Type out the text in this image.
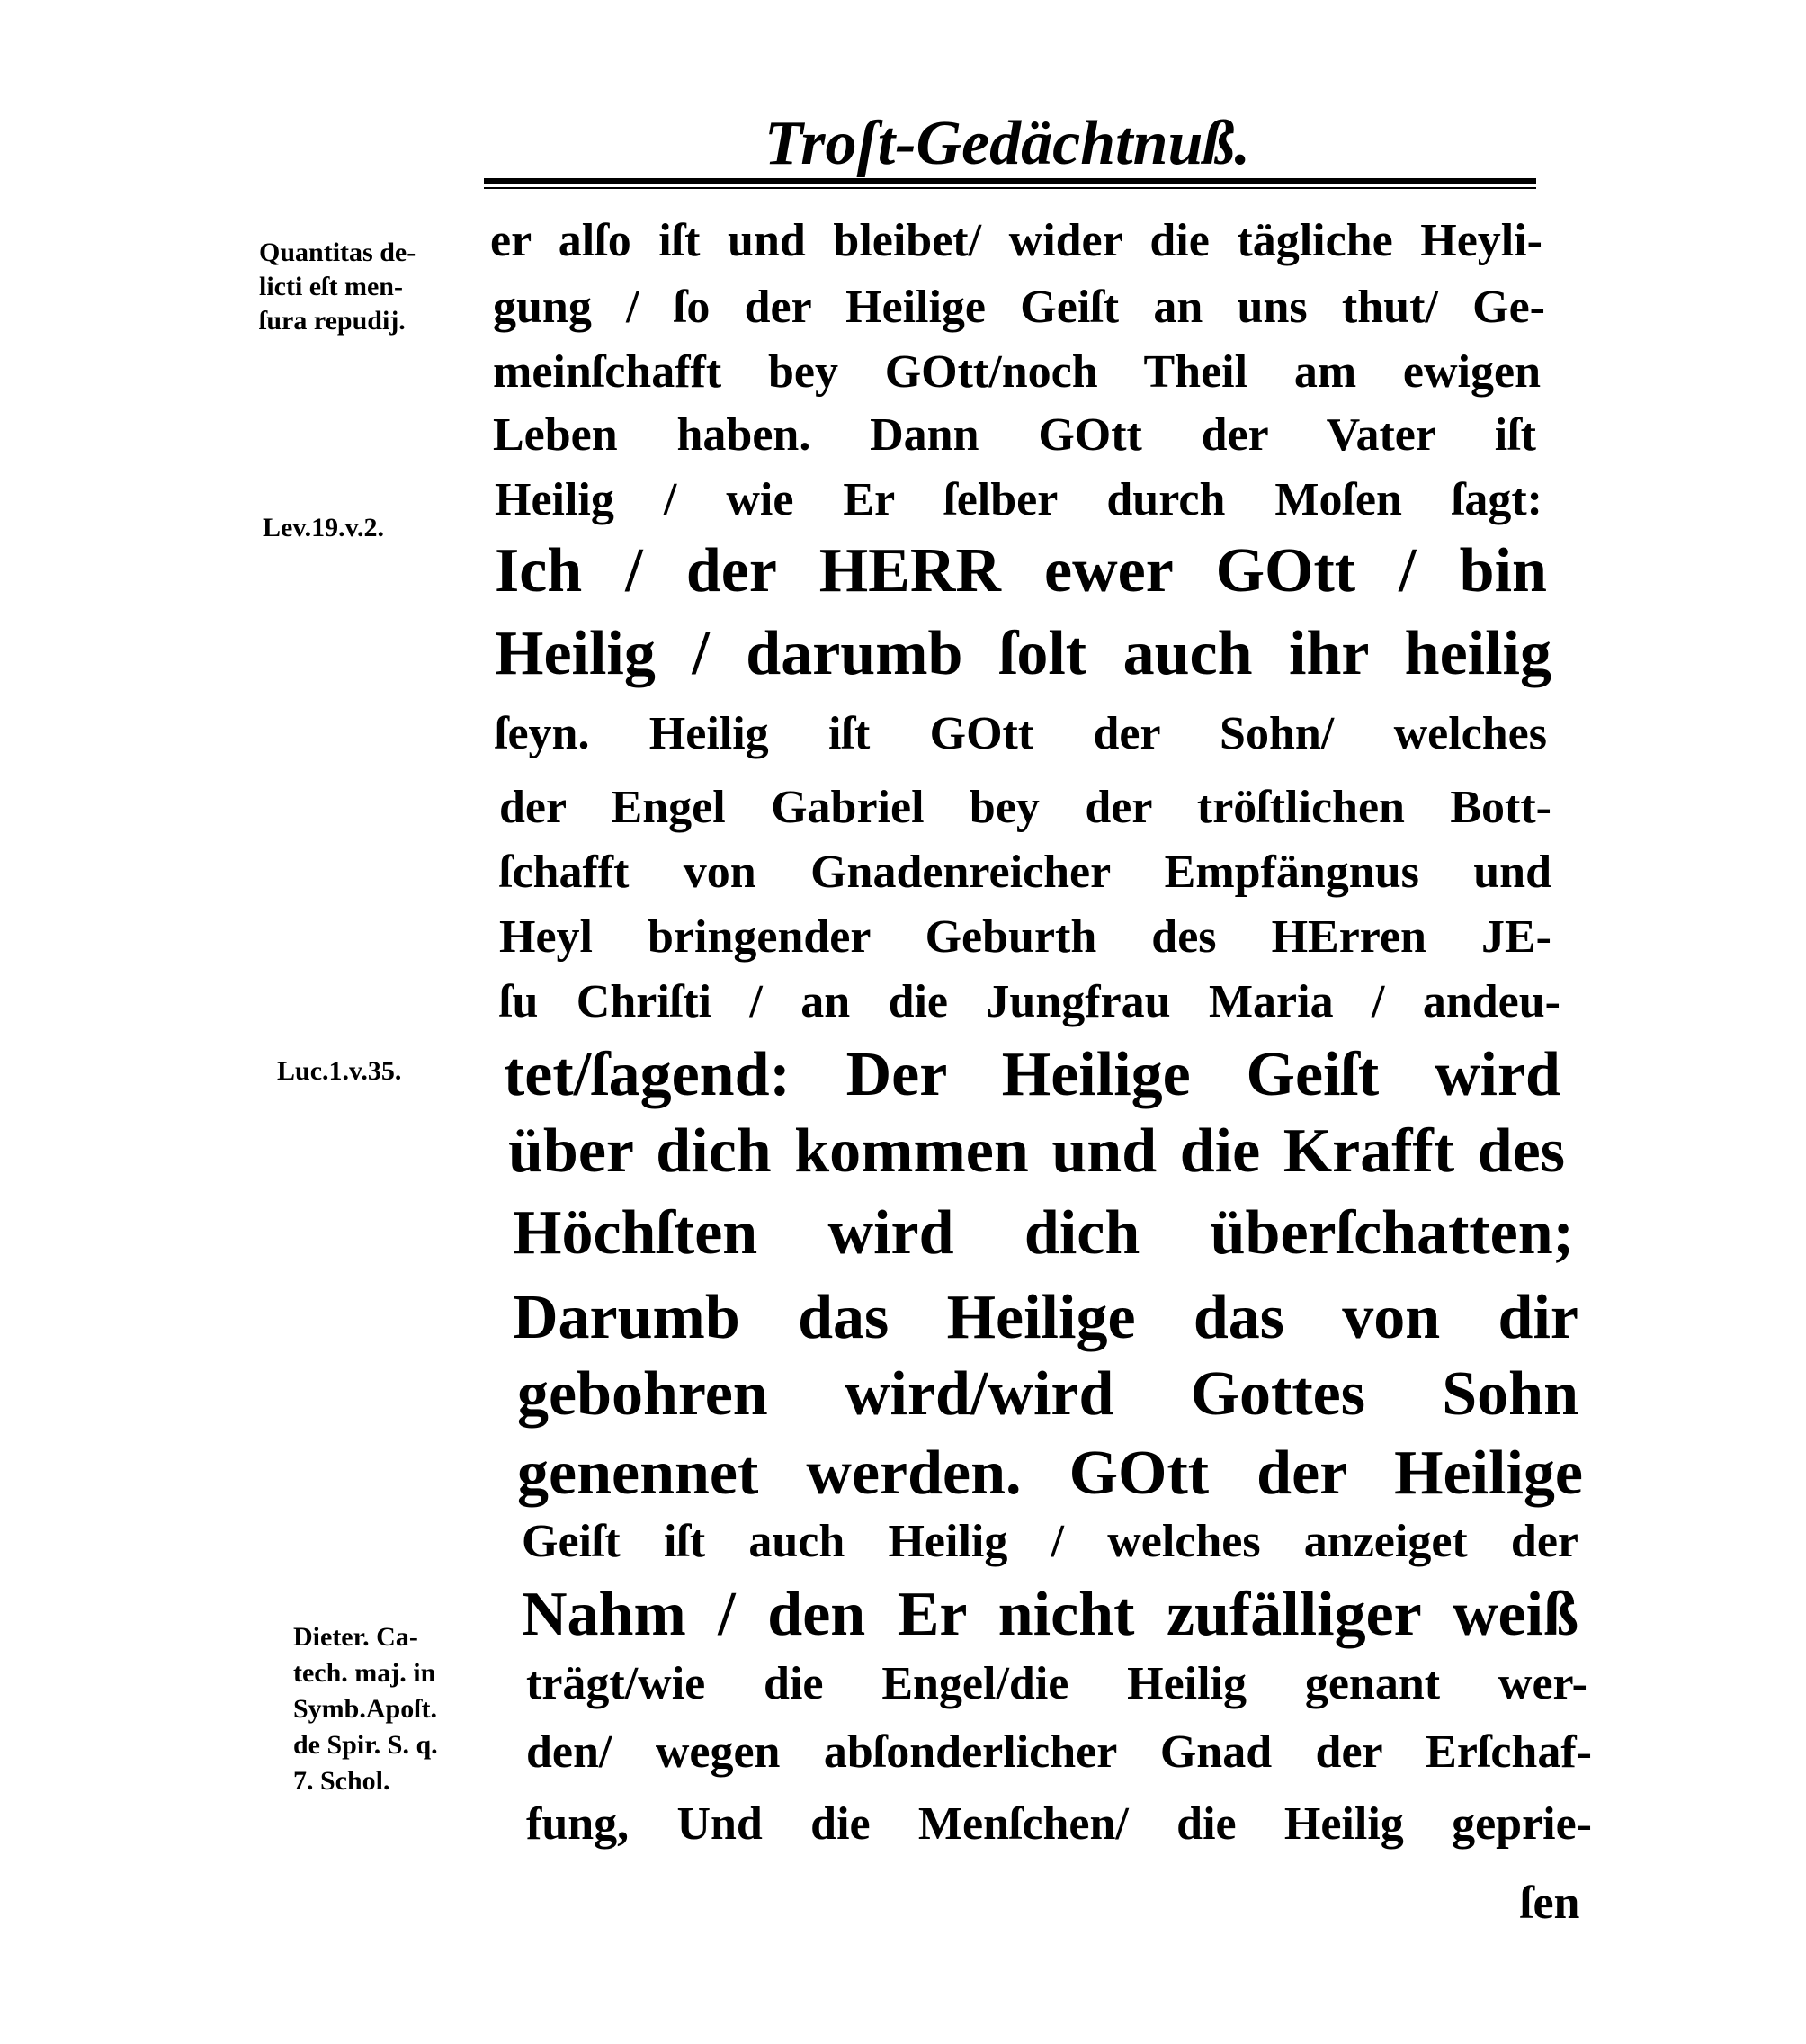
Troſt-Gedächtnuß.
Quantitas de-
licti eſt men-
ſura repudij.
Lev.19.v.2.
Luc.1.v.35.
Dieter. Ca-
tech. maj. in
Symb.Apoſt.
de Spir. S. q.
7. Schol.
er alſo iſt und bleibet/ wider die tägliche Heyli-
gung / ſo der Heilige Geiſt an uns thut/ Ge-
meinſchafft bey GOtt/noch Theil am ewigen
Leben haben. Dann GOtt der Vater iſt
Heilig / wie Er ſelber durch Moſen ſagt:
Ich / der HERR ewer GOtt / bin
Heilig / darumb ſolt auch ihr heilig
ſeyn. Heilig iſt GOtt der Sohn/ welches
der Engel Gabriel bey der tröſtlichen Bott-
ſchafft von Gnadenreicher Empfängnus und
Heyl bringender Geburth des HErren JE-
ſu Chriſti / an die Jungfrau Maria / andeu-
tet/ſagend: Der Heilige Geiſt wird
über dich kommen und die Krafft des
Höchſten wird dich überſchatten;
Darumb das Heilige das von dir
gebohren wird/wird Gottes Sohn
genennet werden. GOtt der Heilige
Geiſt iſt auch Heilig / welches anzeiget der
Nahm / den Er nicht zufälliger weiß
trägt/wie die Engel/die Heilig genant wer-
den/ wegen abſonderlicher Gnad der Erſchaf-
fung, Und die Menſchen/ die Heilig geprie-
ſen
